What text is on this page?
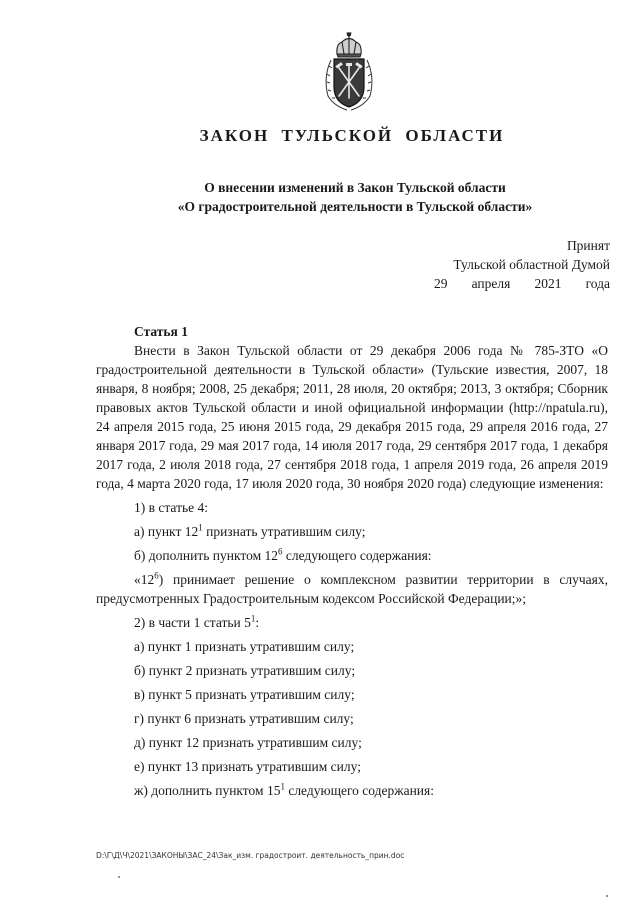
ЗАКОН ТУЛЬСКОЙ ОБЛАСТИ
О внесении изменений в Закон Тульской области
«О градостроительной деятельности в Тульской области»
Принят
Тульской областной Думой
29 апреля 2021 года
Статья 1

Внести в Закон Тульской области от 29 декабря 2006 года № 785-ЗТО «О градостроительной деятельности в Тульской области» (Тульские известия, 2007, 18 января, 8 ноября; 2008, 25 декабря; 2011, 28 июля, 20 октября; 2013, 3 октября; Сборник правовых актов Тульской области и иной официальной информации (http://npatula.ru), 24 апреля 2015 года, 25 июня 2015 года, 29 декабря 2015 года, 29 апреля 2016 года, 27 января 2017 года, 29 мая 2017 года, 14 июля 2017 года, 29 сентября 2017 года, 1 декабря 2017 года, 2 июля 2018 года, 27 сентября 2018 года, 1 апреля 2019 года, 26 апреля 2019 года, 4 марта 2020 года, 17 июля 2020 года, 30 ноября 2020 года) следующие изменения:

1) в статье 4:

а) пункт $12^1$ признать утратившим силу;

б) дополнить пунктом $12^6$ следующего содержания:

«$12^6$) принимает решение о комплексном развитии территории в случаях, предусмотренных Градостроительным кодексом Российской Федерации;»;

2) в части 1 статьи $5^1$:

а) пункт 1 признать утратившим силу;

б) пункт 2 признать утратившим силу;

в) пункт 5 признать утратившим силу;

г) пункт 6 признать утратившим силу;

д) пункт 12 признать утратившим силу;

е) пункт 13 признать утратившим силу;

ж) дополнить пунктом $15^1$ следующего содержания:

D:\Г\Д\Ч\2021\ЗАКОНЫ\ЗАС_24\Зак_изм. градостроит. деятельность_прин.doc
